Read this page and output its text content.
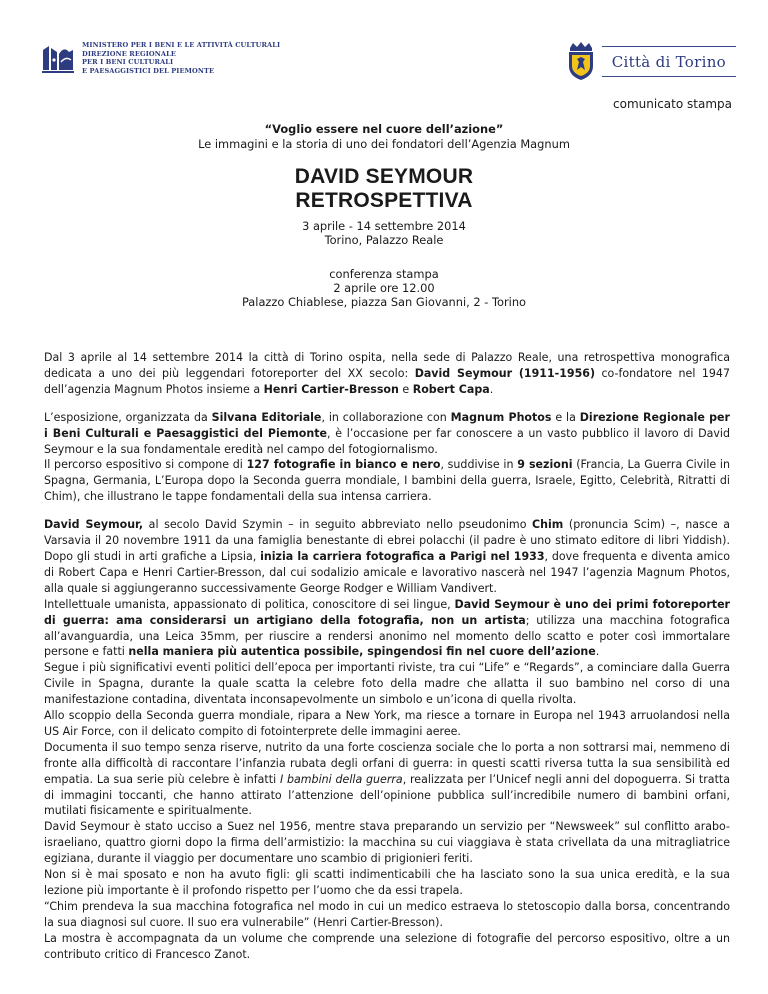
MINISTERO PER I BENI E LE ATTIVITÀ CULTURALI
DIREZIONE REGIONALE
PER I BENI CULTURALI
E PAESAGGISTICI DEL PIEMONTE
Città di Torino
comunicato stampa
“Voglio essere nel cuore dell’azione”
Le immagini e la storia di uno dei fondatori dell’Agenzia Magnum
DAVID SEYMOUR
RETROSPETTIVA
3 aprile - 14 settembre 2014
Torino, Palazzo Reale
conferenza stampa
2 aprile ore 12.00
Palazzo Chiablese, piazza San Giovanni, 2 - Torino

Dal 3 aprile al 14 settembre 2014 la città di Torino ospita, nella sede di Palazzo Reale, una retrospettiva monografica dedicata a uno dei più leggendari fotoreporter del XX secolo: David Seymour (1911-1956) co-fondatore nel 1947 dell’agenzia Magnum Photos insieme a Henri Cartier-Bresson e Robert Capa.

L’esposizione, organizzata da Silvana Editoriale, in collaborazione con Magnum Photos e la Direzione Regionale per i Beni Culturali e Paesaggistici del Piemonte, è l’occasione per far conoscere a un vasto pubblico il lavoro di David Seymour e la sua fondamentale eredità nel campo del fotogiornalismo.

Il percorso espositivo si compone di 127 fotografie in bianco e nero, suddivise in 9 sezioni (Francia, La Guerra Civile in Spagna, Germania, L’Europa dopo la Seconda guerra mondiale, I bambini della guerra, Israele, Egitto, Celebrità, Ritratti di Chim), che illustrano le tappe fondamentali della sua intensa carriera.

David Seymour, al secolo David Szymin – in seguito abbreviato nello pseudonimo Chim (pronuncia Scim) –, nasce a Varsavia il 20 novembre 1911 da una famiglia benestante di ebrei polacchi (il padre è uno stimato editore di libri Yiddish). Dopo gli studi in arti grafiche a Lipsia, inizia la carriera fotografica a Parigi nel 1933, dove frequenta e diventa amico di Robert Capa e Henri Cartier-Bresson, dal cui sodalizio amicale e lavorativo nascerà nel 1947 l’agenzia Magnum Photos, alla quale si aggiungeranno successivamente George Rodger e William Vandivert.

Intellettuale umanista, appassionato di politica, conoscitore di sei lingue, David Seymour è uno dei primi fotoreporter di guerra: ama considerarsi un artigiano della fotografia, non un artista; utilizza una macchina fotografica all’avanguardia, una Leica 35mm, per riuscire a rendersi anonimo nel momento dello scatto e poter così immortalare persone e fatti nella maniera più autentica possibile, spingendosi fin nel cuore dell’azione.

Segue i più significativi eventi politici dell’epoca per importanti riviste, tra cui “Life” e “Regards”, a cominciare dalla Guerra Civile in Spagna, durante la quale scatta la celebre foto della madre che allatta il suo bambino nel corso di una manifestazione contadina, diventata inconsapevolmente un simbolo e un’icona di quella rivolta.

Allo scoppio della Seconda guerra mondiale, ripara a New York, ma riesce a tornare in Europa nel 1943 arruolandosi nella US Air Force, con il delicato compito di fotointerprete delle immagini aeree.

Documenta il suo tempo senza riserve, nutrito da una forte coscienza sociale che lo porta a non sottrarsi mai, nemmeno di fronte alla difficoltà di raccontare l’infanzia rubata degli orfani di guerra: in questi scatti riversa tutta la sua sensibilità ed empatia. La sua serie più celebre è infatti I bambini della guerra, realizzata per l’Unicef negli anni del dopoguerra. Si tratta di immagini toccanti, che hanno attirato l’attenzione dell’opinione pubblica sull’incredibile numero di bambini orfani, mutilati fisicamente e spiritualmente.

David Seymour è stato ucciso a Suez nel 1956, mentre stava preparando un servizio per “Newsweek” sul conflitto arabo-israeliano, quattro giorni dopo la firma dell’armistizio: la macchina su cui viaggiava è stata crivellata da una mitragliatrice egiziana, durante il viaggio per documentare uno scambio di prigionieri feriti.

Non si è mai sposato e non ha avuto figli: gli scatti indimenticabili che ha lasciato sono la sua unica eredità, e la sua lezione più importante è il profondo rispetto per l’uomo che da essi trapela.

“Chim prendeva la sua macchina fotografica nel modo in cui un medico estraeva lo stetoscopio dalla borsa, concentrando la sua diagnosi sul cuore. Il suo era vulnerabile” (Henri Cartier-Bresson).

La mostra è accompagnata da un volume che comprende una selezione di fotografie del percorso espositivo, oltre a un contributo critico di Francesco Zanot.
